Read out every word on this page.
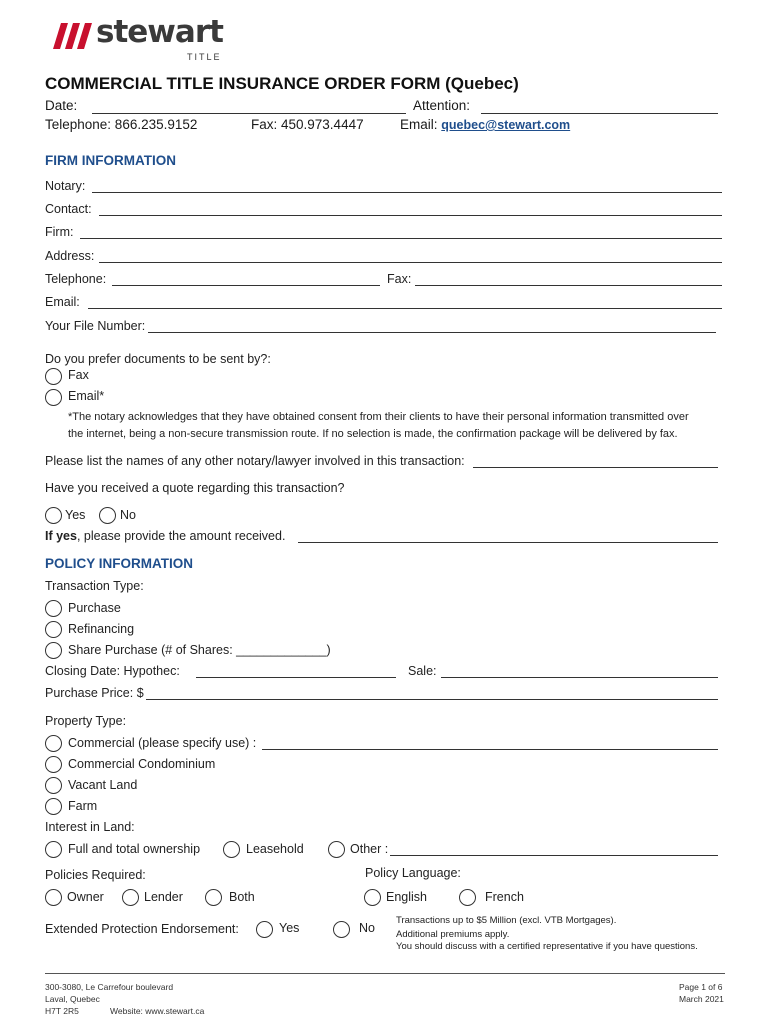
stewart
TITLE
COMMERCIAL TITLE INSURANCE ORDER FORM (Quebec)
Date:	Attention:
Telephone: 866.235.9152	Fax: 450.973.4447	Email: quebec@stewart.com
FIRM INFORMATION
Notary:
Contact:
Firm:
Address:
Telephone:	Fax:
Email:
Your File Number:
Do you prefer documents to be sent by?:
Fax
Email*
*The notary acknowledges that they have obtained consent from their clients to have their personal information transmitted over
the internet, being a non-secure transmission route. If no selection is made, the confirmation package will be delivered by fax.
Please list the names of any other notary/lawyer involved in this transaction:
Have you received a quote regarding this transaction?
Yes	No
If yes, please provide the amount received.
POLICY INFORMATION
Transaction Type:
Purchase
Refinancing
Share Purchase (# of Shares: _____________)
Closing Date: Hypothec:	Sale:
Purchase Price: $
Property Type:
Commercial (please specify use) :
Commercial Condominium
Vacant Land
Farm
Interest in Land:
Full and total ownership	Leasehold	Other :
Policies Required:	Policy Language:
Owner	Lender	Both	English	French
Extended Protection Endorsement:	Yes	No
Transactions up to $5 Million (excl. VTB Mortgages).
Additional premiums apply.
You should discuss with a certified representative if you have questions.
300-3080, Le Carrefour boulevard
Laval, Quebec
H7T 2R5	Website: www.stewart.ca
Page 1 of 6
March 2021
